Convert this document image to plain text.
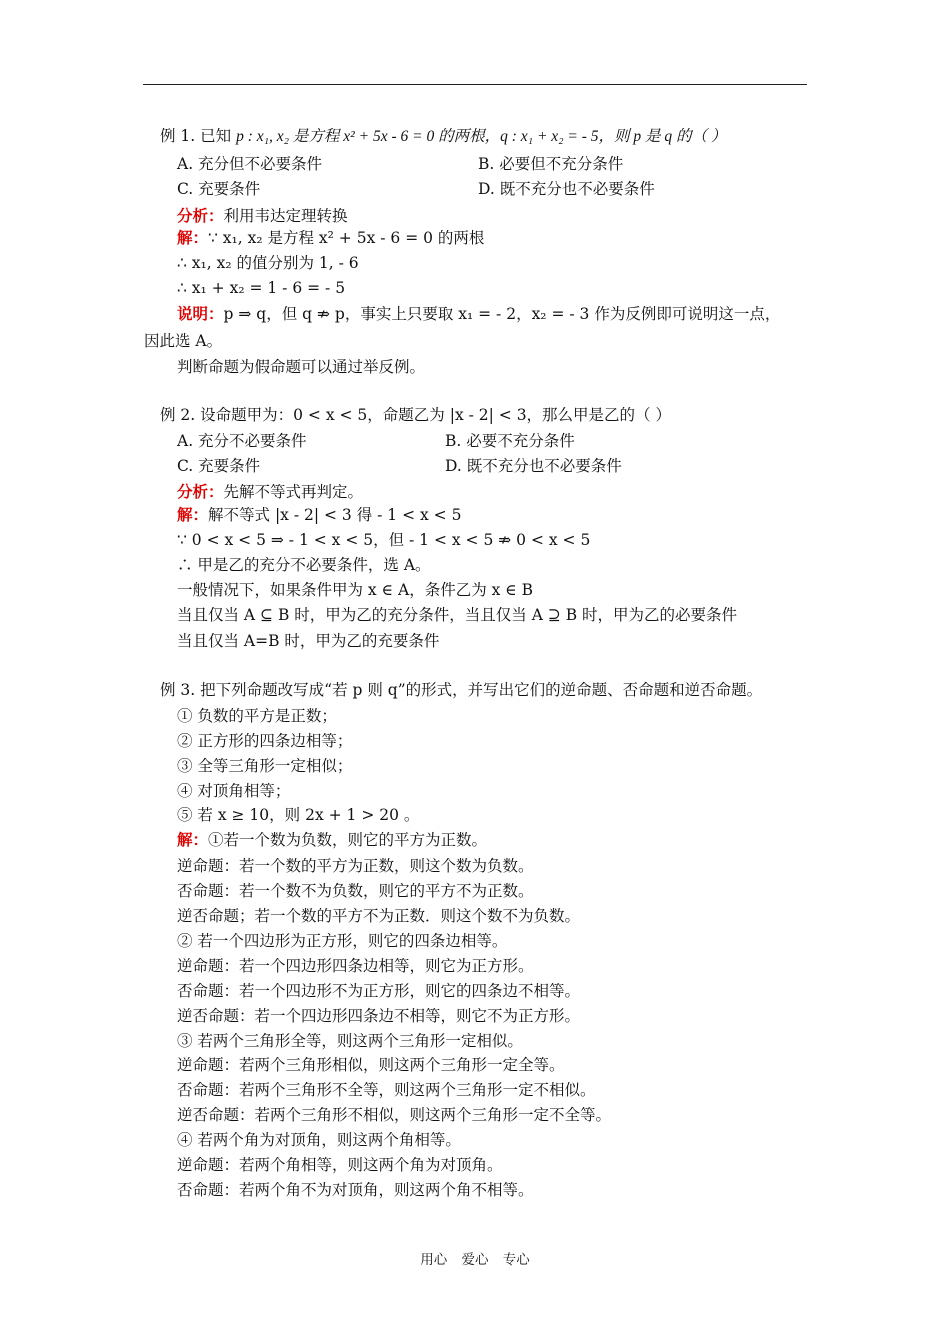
例 1. 已知 p : x₁, x₂ 是方程 x² + 5x - 6 = 0 的两根，q : x₁ + x₂ = - 5，则 p 是 q 的（ ）
A. 充分但不必要条件	B. 必要但不充分条件
C. 充要条件	D. 既不充分也不必要条件
分析：利用韦达定理转换
解：∵ x₁, x₂ 是方程 x² + 5x - 6 = 0 的两根
∴ x₁, x₂ 的值分别为 1, - 6
∴ x₁ + x₂ = 1 - 6 = - 5
说明：p ⇒ q，但 q ⇏ p，事实上只要取 x₁ = - 2，x₂ = - 3 作为反例即可说明这一点，
因此选 A。
判断命题为假命题可以通过举反例。
例 2. 设命题甲为：0 < x < 5，命题乙为 |x - 2| < 3，那么甲是乙的（ ）
A. 充分不必要条件	B. 必要不充分条件
C. 充要条件	D. 既不充分也不必要条件
分析：先解不等式再判定。
解：解不等式 |x - 2| < 3 得 - 1 < x < 5
∵ 0 < x < 5 ⇒ - 1 < x < 5，但 - 1 < x < 5 ⇏ 0 < x < 5
∴ 甲是乙的充分不必要条件，选 A。
一般情况下，如果条件甲为 x ∈ A，条件乙为 x ∈ B
当且仅当 A ⊆ B 时，甲为乙的充分条件，当且仅当 A ⊇ B 时，甲为乙的必要条件
当且仅当 A=B 时，甲为乙的充要条件
例 3. 把下列命题改写成“若 p 则 q”的形式，并写出它们的逆命题、否命题和逆否命题。
① 负数的平方是正数；
② 正方形的四条边相等；
③ 全等三角形一定相似；
④ 对顶角相等；
⑤ 若 x ≥ 10，则 2x + 1 > 20 。
解：①若一个数为负数，则它的平方为正数。
逆命题：若一个数的平方为正数，则这个数为负数。
否命题：若一个数不为负数，则它的平方不为正数。
逆否命题；若一个数的平方不为正数．则这个数不为负数。
② 若一个四边形为正方形，则它的四条边相等。
逆命题：若一个四边形四条边相等，则它为正方形。
否命题：若一个四边形不为正方形，则它的四条边不相等。
逆否命题：若一个四边形四条边不相等，则它不为正方形。
③ 若两个三角形全等，则这两个三角形一定相似。
逆命题：若两个三角形相似，则这两个三角形一定全等。
否命题：若两个三角形不全等，则这两个三角形一定不相似。
逆否命题：若两个三角形不相似，则这两个三角形一定不全等。
④ 若两个角为对顶角，则这两个角相等。
逆命题：若两个角相等，则这两个角为对顶角。
否命题：若两个角不为对顶角，则这两个角不相等。
用心 爱心 专心
